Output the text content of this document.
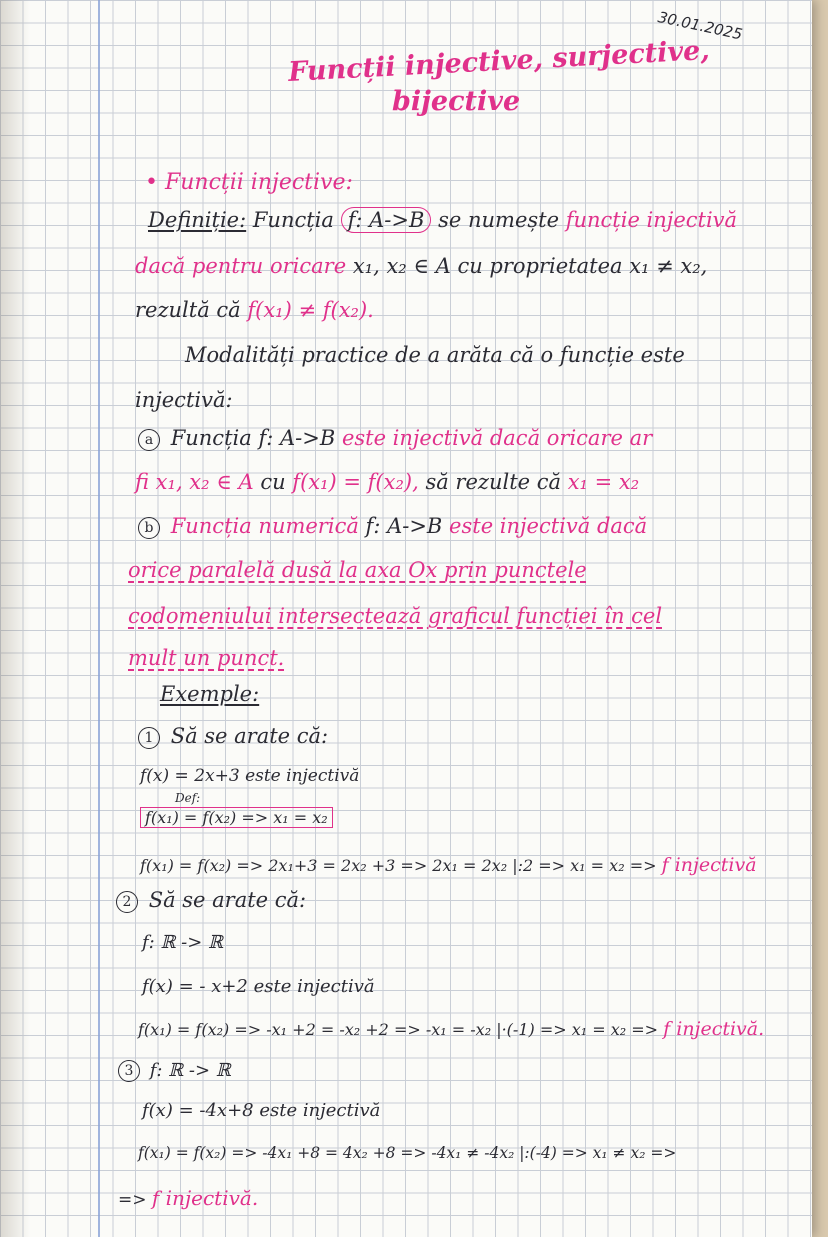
30.01.2025
Funcții injective, surjective,
bijective
• Funcții injective:
Definiție: Funcția f: A->B se numește funcție injectivă
dacă pentru oricare x₁, x₂ ∈ A cu proprietatea x₁ ≠ x₂,
rezultă că f(x₁) ≠ f(x₂).
Modalități practice de a arăta că o funcție este
injectivă:
a Funcția f: A->B este injectivă dacă oricare ar
fi x₁, x₂ ∈ A cu f(x₁) = f(x₂), să rezulte că x₁ = x₂
b Funcția numerică f: A->B este injectivă dacă
orice paralelă dusă la axa Ox prin punctele
codomeniului intersectează graficul funcției în cel
mult un punct.
Exemple:
1 Să se arate că:
f(x) = 2x+3 este injectivă
Def:
f(x₁) = f(x₂) => x₁ = x₂
f(x₁) = f(x₂) => 2x₁+3 = 2x₂ +3 => 2x₁ = 2x₂ |:2 => x₁ = x₂ => f injectivă
2 Să se arate că:
f: ℝ -> ℝ
f(x) = - x+2 este injectivă
f(x₁) = f(x₂) => -x₁ +2 = -x₂ +2 => -x₁ = -x₂ |·(-1) => x₁ = x₂ => f injectivă.
3 f: ℝ -> ℝ
f(x) = -4x+8 este injectivă
f(x₁) = f(x₂) => -4x₁ +8 = 4x₂ +8 => -4x₁ ≠ -4x₂ |:(-4) => x₁ ≠ x₂ =>
=> f injectivă.
